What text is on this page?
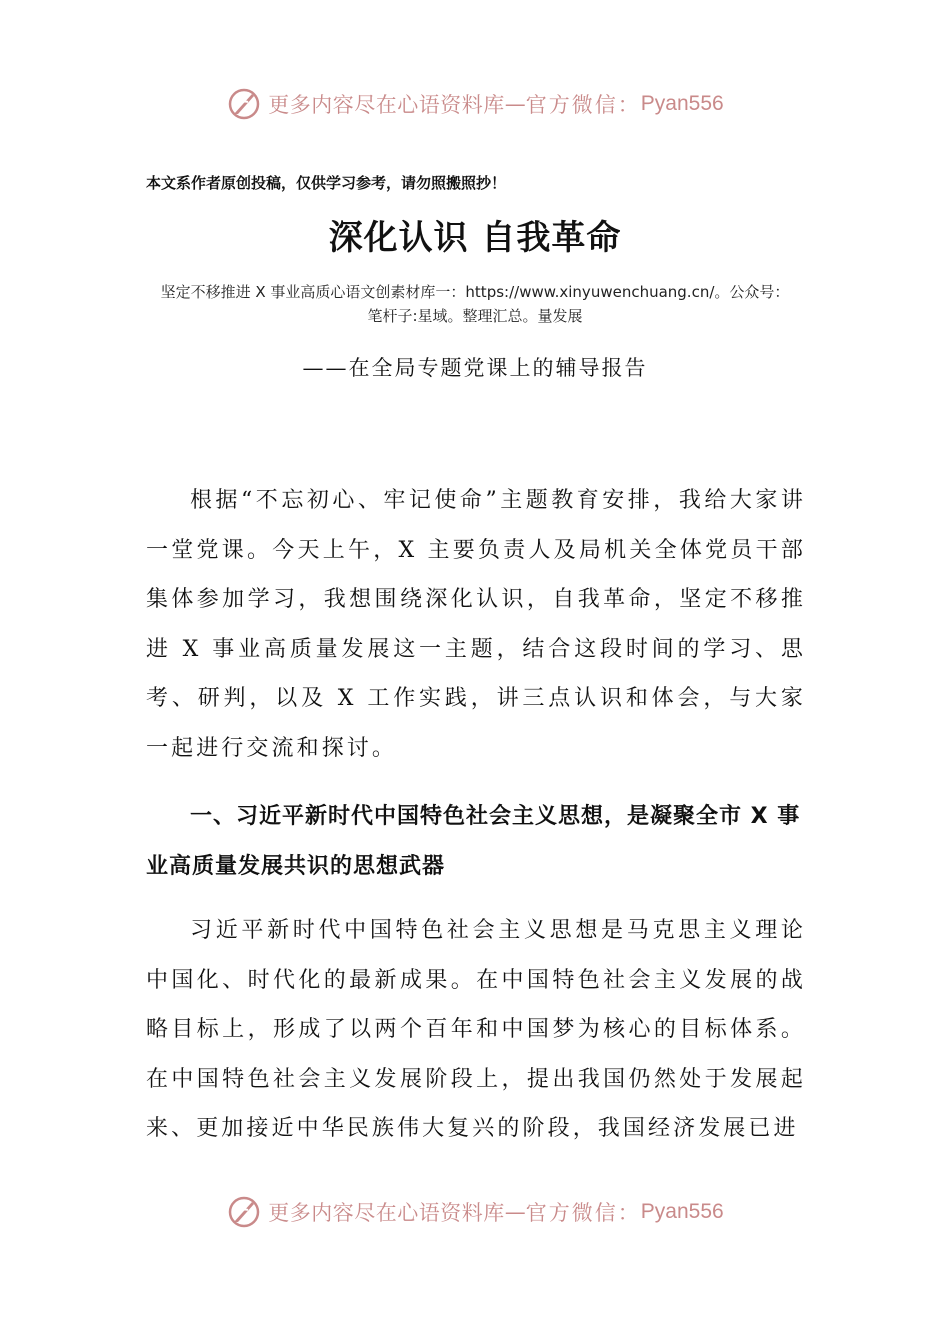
更多内容尽在心语资料库 — 官方微信： Pyan556
本文系作者原创投稿，仅供学习参考，请勿照搬照抄！
深化认识 自我革命
坚定不移推进 X 事业高质心语文创素材库一：https://www.xinyuwenchuang.cn/。公众号：
笔杆子:星域。整理汇总。量发展
——在全局专题党课上的辅导报告

根据“不忘初心、牢记使命”主题教育安排，我给大家讲一堂党课。今天上午，X 主要负责人及局机关全体党员干部集体参加学习，我想围绕深化认识，自我革命，坚定不移推进 X 事业高质量发展这一主题，结合这段时间的学习、思考、研判，以及 X 工作实践，讲三点认识和体会，与大家一起进行交流和探讨。

一、习近平新时代中国特色社会主义思想，是凝聚全市 X 事业高质量发展共识的思想武器

习近平新时代中国特色社会主义思想是马克思主义理论中国化、时代化的最新成果。在中国特色社会主义发展的战略目标上，形成了以两个百年和中国梦为核心的目标体系。在中国特色社会主义发展阶段上，提出我国仍然处于发展起来、更加接近中华民族伟大复兴的阶段，我国经济发展已进

更多内容尽在心语资料库 — 官方微信： Pyan556
